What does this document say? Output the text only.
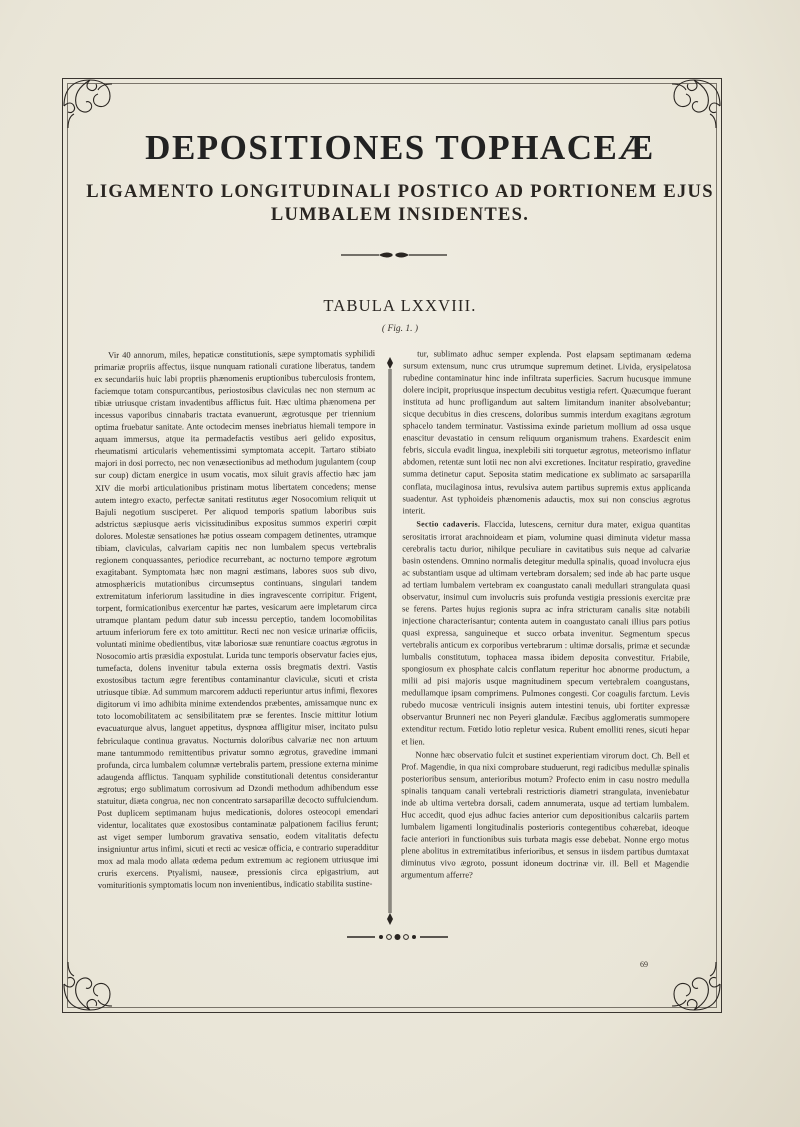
DEPOSITIONES TOPHACEÆ
LIGAMENTO LONGITUDINALI POSTICO AD PORTIONEM EJUS
LUMBALEM INSIDENTES.
TABULA LXXVIII.
( Fig. 1. )

Vir 40 annorum, miles, hepaticæ constitutionis, sæpe symptomatis syphilidi primariæ propriis affectus, iisque nunquam rationali curatione liberatus, tandem ex secundariis huic labi propriis phænomenis eruptionibus tuberculosis frontem, faciemque totam conspurcantibus, periostosibus claviculas nec non sternum ac tibiæ utriusque cristam invadentibus afflictus fuit. Hæc ultima phænomena per incessus vaporibus cinnabaris tractata evanuerunt, ægrotusque per triennium optima fruebatur sanitate. Ante octodecim menses inebriatus hiemali tempore in aquam immersus, atque ita permadefactis vestibus aeri gelido expositus, rheumatismi articularis vehementissimi symptomata accepit. Tartaro stibiato majori in dosi porrecto, nec non venæsectionibus ad methodum jugulantem (coup sur coup) dictam energice in usum vocatis, mox siluit gravis affectio hæc jam XIV die morbi articulationibus pristinam motus libertatem concedens; mense autem integro exacto, perfectæ sanitati restitutus æger Nosocomium reliquit ut Bajuli negotium susciperet. Per aliquod temporis spatium laboribus suis adstrictus sæpiusque aeris vicissitudinibus expositus summos experiri cœpit dolores. Molestæ sensationes hæ potius osseam compagem detinentes, utramque tibiam, claviculas, calvariam capitis nec non lumbalem specus vertebralis regionem conquassantes, periodice recurrebant, ac nocturno tempore ægrotum exagitabant. Symptomata hæc non magni æstimans, labores suos sub divo, atmosphæricis mutationibus circumseptus continuans, singulari tandem extremitatum inferiorum lassitudine in dies ingravescente corripitur. Frigent, torpent, formicationibus exercentur hæ partes, vesicarum aere impletarum circa utramque plantam pedum datur sub incessu perceptio, tandem locomobilitas artuum inferiorum fere ex toto amittitur. Recti nec non vesicæ urinariæ officiis, voluntati minime obedientibus, vitæ laboriosæ suæ renuntiare coactus ægrotus in Nosocomio artis præsidia expostulat. Lurida tunc temporis observatur facies ejus, tumefacta, dolens invenitur tabula externa ossis bregmatis dextri. Vastis exostosibus tactum ægre ferentibus contaminantur claviculæ, sicuti et crista utriusque tibiæ. Ad summum marcorem adducti reperiuntur artus infimi, flexores digitorum vi imo adhibita minime extendendos præbentes, amissamque nunc ex toto locomobilitatem ac sensibilitatem præ se ferentes. Inscie mittitur lotium evacuaturque alvus, languet appetitus, dyspnœa affligitur miser, incitato pulsu febriculaque continua gravatus. Nocturnis doloribus calvariæ nec non artuum mane tantummodo remittentibus privatur somno ægrotus, gravedine immani profunda, circa lumbalem columnæ vertebralis partem, pressione externa minime adaugenda afflictus. Tanquam syphilide constitutionali detentus considerantur ægrotus; ergo sublimatum corrosivum ad Dzondi methodum adhibendum esse statuitur, diæta congrua, nec non concentrato sarsaparillæ decocto suffulciendum. Post duplicem septimanam hujus medicationis, dolores osteocopi emendari videntur, localitates quæ exostosibus contaminatæ palpationem facilius ferunt; ast viget semper lumborum gravativa sensatio, eodem vitalitatis defectu insigniuntur artus infimi, sicuti et recti ac vesicæ officia, e contrario superadditur mox ad mala modo allata œdema pedum extremum ac regionem utriusque imi cruris exercens. Ptyalismi, nauseæ, pressionis circa epigastrium, aut vomituritionis symptomatis locum non invenientibus, indicatio stabilita sustine-

tur, sublimato adhuc semper explenda. Post elapsam septimanam œdema sursum extensum, nunc crus utrumque supremum detinet. Livida, erysipelatosa rubedine contaminatur hinc inde infiltrata superficies. Sacrum hucusque immune dolere incipit, propriusque inspectum decubitus vestigia refert. Quæcumque fuerant instituta ad hunc profligandum aut saltem limitandum inaniter absolvebantur; sicque decubitus in dies crescens, doloribus summis interdum exagitans ægrotum sphacelo tandem terminatur. Vastissima exinde parietum mollium ad ossa usque enascitur devastatio in censum reliquum organismum trahens. Exardescit enim febris, siccula evadit lingua, inexplebili siti torquetur ægrotus, meteorismo inflatur abdomen, retentæ sunt lotii nec non alvi excretiones. Incitatur respiratio, gravedine summa detinetur caput. Seposita statim medicatione ex sublimato ac sarsaparilla conflata, mucilaginosa intus, revulsiva autem partibus supremis extus applicanda suadentur. Ast typhoideis phænomenis adauctis, mox sui non conscius ægrotus interit.

Sectio cadaveris. Flaccida, lutescens, cernitur dura mater, exigua quantitas serositatis irrorat arachnoideam et piam, volumine quasi diminuta videtur massa cerebralis tactu durior, nihilque peculiare in cavitatibus suis neque ad calvariæ basin ostendens. Omnino normalis detegitur medulla spinalis, quoad involucra ejus ac substantiam usque ad ultimam vertebram dorsalem; sed inde ab hac parte usque ad tertiam lumbalem vertebram ex coangustato canali medullari strangulata quasi observatur, insimul cum involucris suis profunda vestigia pressionis exercitæ præ se ferens. Partes hujus regionis supra ac infra stricturam canalis sitæ notabili injectione characterisantur; contenta autem in coangustato canali illius pars potius quasi expressa, sanguineque et succo orbata invenitur. Segmentum specus vertebralis anticum ex corporibus vertebrarum : ultimæ dorsalis, primæ et secundæ lumbalis constitutum, tophacea massa ibidem deposita convestitur. Friabile, spongiosum ex phosphate calcis conflatum reperitur hoc abnorme productum, a milii ad pisi majoris usque magnitudinem specum vertebralem coangustans, medullamque ipsam comprimens. Pulmones congesti. Cor coagulis farctum. Levis rubedo mucosæ ventriculi insignis autem intestini tenuis, ubi fortiter expressæ observantur Brunneri nec non Peyeri glandulæ. Fæcibus agglomeratis summopere extenditur rectum. Fœtido lotio repletur vesica. Rubent emolliti renes, sicuti hepar et lien.

Nonne hæc observatio fulcit et sustinet experientiam virorum doct. Ch. Bell et Prof. Magendie, in qua nixi comprobare studuerunt, regi radicibus medullæ spinalis posterioribus sensum, anterioribus motum? Profecto enim in casu nostro medulla spinalis tanquam canali vertebrali restrictioris diametri strangulata, inveniebatur inde ab ultima vertebra dorsali, cadem annumerata, usque ad tertiam lumbalem. Huc accedit, quod ejus adhuc facies anterior cum depositionibus calcariis partem lumbalem ligamenti longitudinalis posterioris contegentibus cohærebat, ideoque facie anteriori in functionibus suis turbata magis esse debebat. Nonne ergo motus plene abolitus in extremitatibus inferioribus, et sensus in iisdem partibus dumtaxat diminutus vivo ægroto, possunt idoneum doctrinæ vir. ill. Bell et Magendie argumentum afferre?

69
